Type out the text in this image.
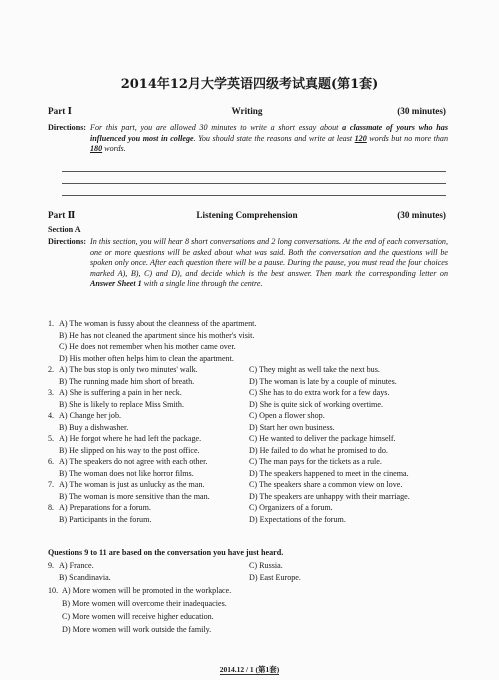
2014年12月大学英语四级考试真题(第1套)
Part Ⅰ	Writing	(30 minutes)
Directions: For this part, you are allowed 30 minutes to write a short essay about a classmate of yours who has influenced you most in college. You should state the reasons and write at least 120 words but no more than 180 words.
Part Ⅱ	Listening Comprehension	(30 minutes)
Section A
Directions: In this section, you will hear 8 short conversations and 2 long conversations. At the end of each conversation, one or more questions will be asked about what was said. Both the conversation and the questions will be spoken only once. After each question there will be a pause. During the pause, you must read the four choices marked A), B), C) and D), and decide which is the best answer. Then mark the corresponding letter on Answer Sheet 1 with a single line through the centre.
1. A) The woman is fussy about the cleanness of the apartment.
B) He has not cleaned the apartment since his mother's visit.
C) He does not remember when his mother came over.
D) His mother often helps him to clean the apartment.
2. A) The bus stop is only two minutes' walk.	C) They might as well take the next bus.
B) The running made him short of breath.	D) The woman is late by a couple of minutes.
3. A) She is suffering a pain in her neck.	C) She has to do extra work for a few days.
B) She is likely to replace Miss Smith.	D) She is quite sick of working overtime.
4. A) Change her job.	C) Open a flower shop.
B) Buy a dishwasher.	D) Start her own business.
5. A) He forgot where he had left the package.	C) He wanted to deliver the package himself.
B) He slipped on his way to the post office.	D) He failed to do what he promised to do.
6. A) The speakers do not agree with each other.	C) The man pays for the tickets as a rule.
B) The woman does not like horror films.	D) The speakers happened to meet in the cinema.
7. A) The woman is just as unlucky as the man.	C) The speakers share a common view on love.
B) The woman is more sensitive than the man.	D) The speakers are unhappy with their marriage.
8. A) Preparations for a forum.	C) Organizers of a forum.
B) Participants in the forum.	D) Expectations of the forum.
Questions 9 to 11 are based on the conversation you have just heard.
9. A) France.	C) Russia.
B) Scandinavia.	D) East Europe.
10. A) More women will be promoted in the workplace.
B) More women will overcome their inadequacies.
C) More women will receive higher education.
D) More women will work outside the family.
2014.12 / 1 (第1套)
